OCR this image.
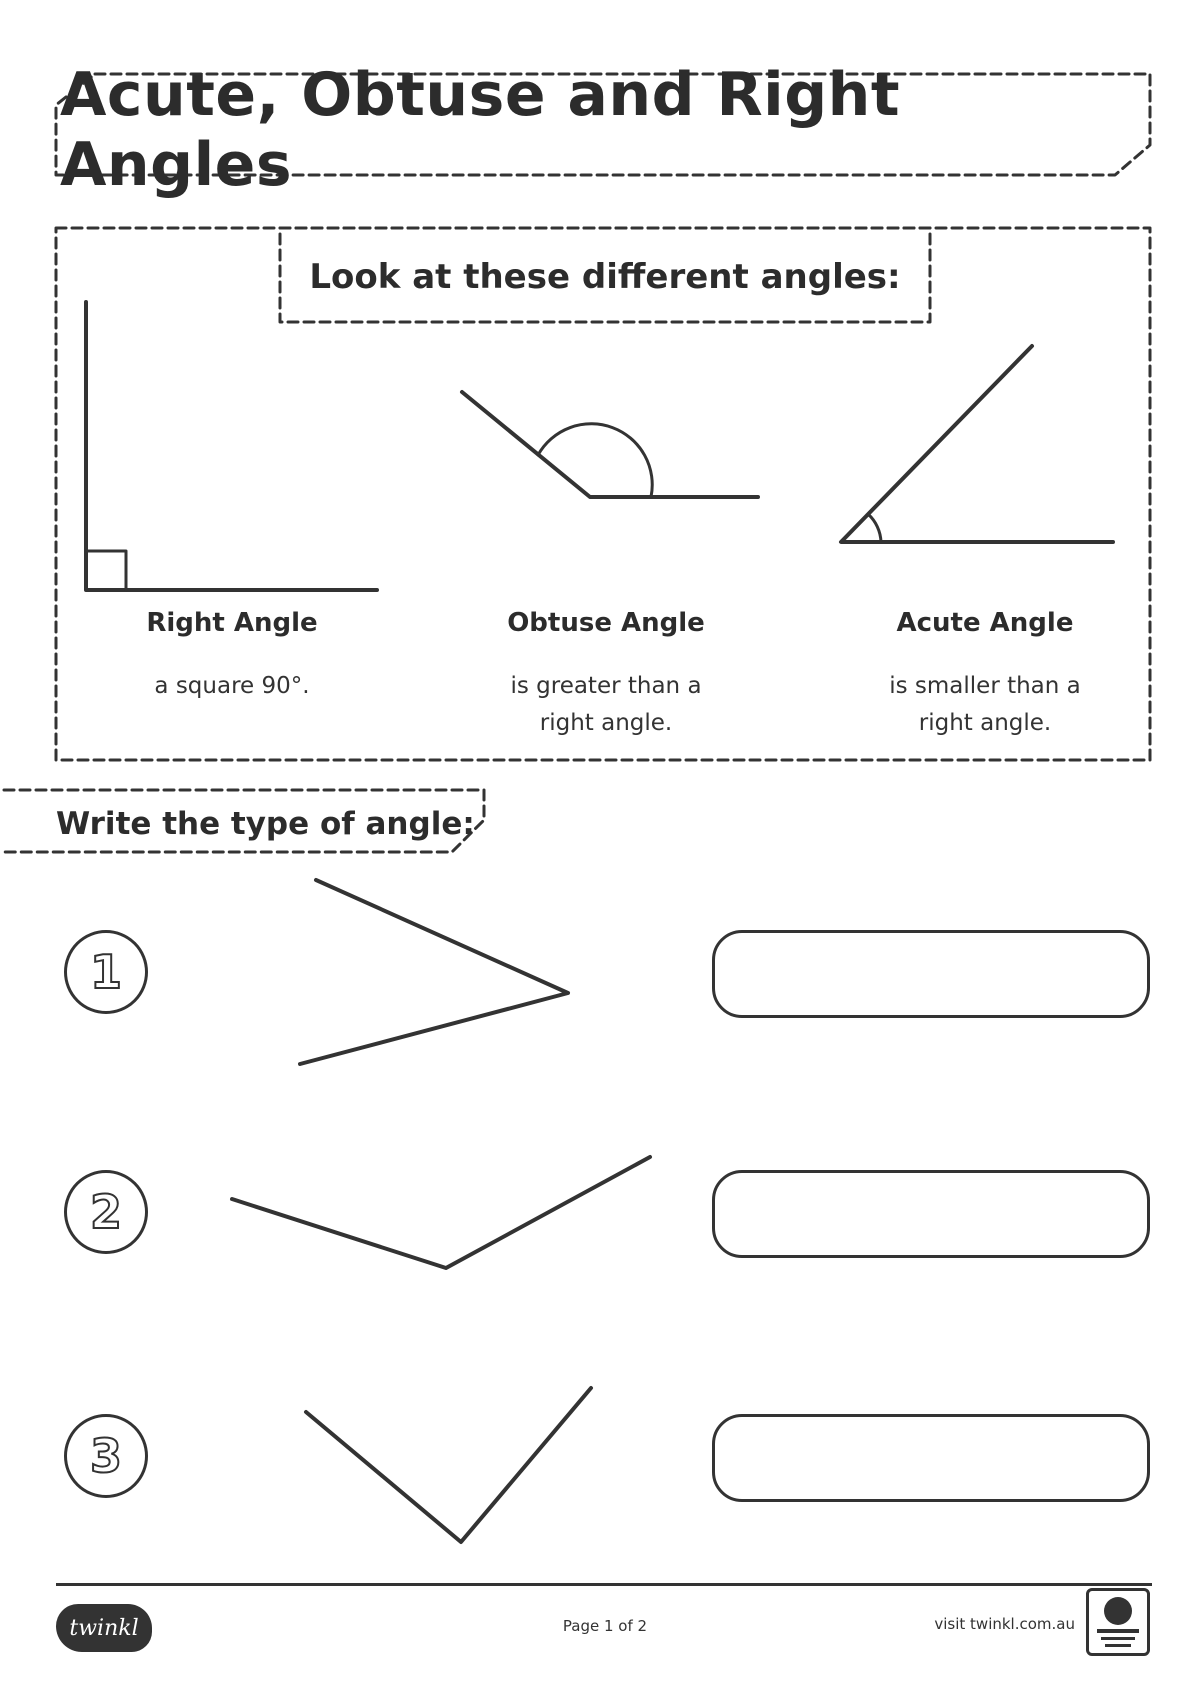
Acute, Obtuse and Right Angles
Look at these different angles:
Right Angle
a square 90°.
Obtuse Angle
is greater than a
right angle.
Acute Angle
is smaller than a
right angle.
Write the type of angle:
1
2
3
twinkl	Page 1 of 2	visit twinkl.com.au
